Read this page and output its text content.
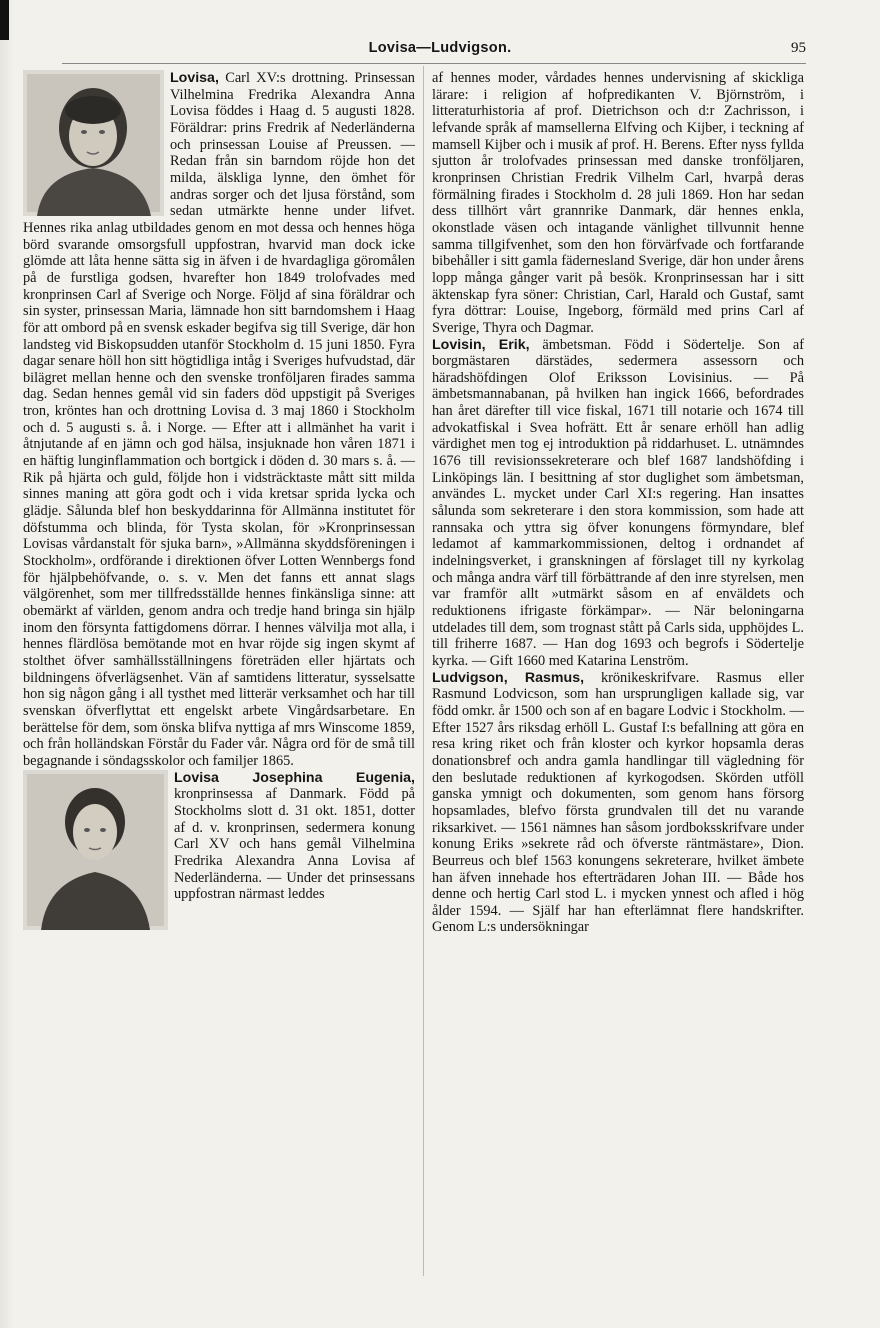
Lovisa—Ludvigson.	95

Lovisa, Carl XV:s drottning. Prinsessan Vilhelmina Fredrika Alexandra Anna Lovisa föddes i Haag d. 5 augusti 1828. Föräldrar: prins Fredrik af Nederländerna och prinsessan Louise af Preussen. — Redan från sin barndom röjde hon det milda, älskliga lynne, den ömhet för andras sorger och det ljusa förstånd, som sedan utmärkte henne under lifvet. Hennes rika anlag utbildades genom en mot dessa och hennes höga börd svarande omsorgsfull uppfostran, hvarvid man dock icke glömde att låta henne sätta sig in äfven i de hvardagliga göromålen på de furstliga godsen, hvarefter hon 1849 trolofvades med kronprinsen Carl af Sverige och Norge. Följd af sina föräldrar och sin syster, prinsessan Maria, lämnade hon sitt barndomshem i Haag för att ombord på en svensk eskader begifva sig till Sverige, där hon landsteg vid Biskopsudden utanför Stockholm d. 15 juni 1850. Fyra dagar senare höll hon sitt högtidliga intåg i Sveriges hufvudstad, där bilägret mellan henne och den svenske tronföljaren firades samma dag. Sedan hennes gemål vid sin faders död uppstigit på Sveriges tron, kröntes han och drottning Lovisa d. 3 maj 1860 i Stockholm och d. 5 augusti s. å. i Norge. — Efter att i allmänhet ha varit i åtnjutande af en jämn och god hälsa, insjuknade hon våren 1871 i en häftig lunginflammation och bortgick i döden d. 30 mars s. å. — Rik på hjärta och guld, följde hon i vidsträcktaste mått sitt milda sinnes maning att göra godt och i vida kretsar sprida lycka och glädje. Sålunda blef hon beskyddarinna för Allmänna institutet för döfstumma och blinda, för Tysta skolan, för »Kronprinsessan Lovisas vårdanstalt för sjuka barn», »Allmänna skyddsföreningen i Stockholm», ordförande i direktionen öfver Lotten Wennbergs fond för hjälpbehöfvande, o. s. v. Men det fanns ett annat slags välgörenhet, som mer tillfredsställde hennes finkänsliga sinne: att obemärkt af världen, genom andra och tredje hand bringa sin hjälp inom den försynta fattigdomens dörrar. I hennes välvilja mot alla, i hennes flärdlösa bemötande mot en hvar röjde sig ingen skymt af stolthet öfver samhällsställningens företräden eller hjärtats och bildningens öfverlägsenhet. Vän af samtidens litteratur, sysselsatte hon sig någon gång i all tysthet med litterär verksamhet och har till svenskan öfverflyttat ett engelskt arbete Vingårdsarbetare. En berättelse för dem, som önska blifva nyttiga af mrs Winscome 1859, och från holländskan Förstår du Fader vår. Några ord för de små till begagnande i söndagsskolor och familjer 1865.

Lovisa Josephina Eugenia,
kronprinsessa af Danmark. Född på Stockholms slott d. 31 okt. 1851, dotter af d. v. kronprinsen, sedermera konung Carl XV och hans gemål Vilhelmina Fredrika Alexandra Anna Lovisa af Nederländerna. — Under det prinsessans uppfostran närmast leddes

af hennes moder, vårdades hennes undervisning af skickliga lärare: i religion af hofpredikanten V. Björnström, i litteraturhistoria af prof. Dietrichson och d:r Zachrisson, i lefvande språk af mamsellerna Elfving och Kijber, i teckning af mamsell Kijber och i musik af prof. H. Berens. Efter nyss fyllda sjutton år trolofvades prinsessan med danske tronföljaren, kronprinsen Christian Fredrik Vilhelm Carl, hvarpå deras förmälning firades i Stockholm d. 28 juli 1869. Hon har sedan dess tillhört vårt grannrike Danmark, där hennes enkla, okonstlade väsen och intagande vänlighet tillvunnit henne samma tillgifvenhet, som den hon förvärfvade och fortfarande bibehåller i sitt gamla fädernesland Sverige, där hon under årens lopp många gånger varit på besök. Kronprinsessan har i sitt äktenskap fyra söner: Christian, Carl, Harald och Gustaf, samt fyra döttrar: Louise, Ingeborg, förmäld med prins Carl af Sverige, Thyra och Dagmar.

Lovisin, Erik, ämbetsman. Född i Södertelje. Son af borgmästaren därstädes, sedermera assessorn och häradshöfdingen Olof Eriksson Lovisinius. — På ämbetsmannabanan, på hvilken han ingick 1666, befordrades han året därefter till vice fiskal, 1671 till notarie och 1674 till advokatfiskal i Svea hofrätt. Ett år senare erhöll han adlig värdighet men tog ej introduktion på riddarhuset. L. utnämndes 1676 till revisionssekreterare och blef 1687 landshöfding i Linköpings län. I besittning af stor duglighet som ämbetsman, användes L. mycket under Carl XI:s regering. Han insattes sålunda som sekreterare i den stora kommission, som hade att rannsaka och yttra sig öfver konungens förmyndare, blef ledamot af kammarkommissionen, deltog i ordnandet af indelningsverket, i granskningen af förslaget till ny kyrkolag och många andra värf till förbättrande af den inre styrelsen, men var framför allt »utmärkt såsom en af enväldets och reduktionens ifrigaste förkämpar». — När beloningarna utdelades till dem, som trognast stått på Carls sida, upphöjdes L. till friherre 1687. — Han dog 1693 och begrofs i Södertelje kyrka. — Gift 1660 med Katarina Lenström.

Ludvigson, Rasmus, krönikeskrifvare. Rasmus eller Rasmund Lodvicson, som han ursprungligen kallade sig, var född omkr. år 1500 och son af en bagare Lodvic i Stockholm. — Efter 1527 års riksdag erhöll L. Gustaf I:s befallning att göra en resa kring riket och från kloster och kyrkor hopsamla deras donationsbref och andra gamla handlingar till vägledning för den beslutade reduktionen af kyrkogodsen. Skörden utföll ganska ymnigt och dokumenten, som genom hans försorg hopsamlades, blefvo första grundvalen till det nu varande riksarkivet. — 1561 nämnes han såsom jordboksskrifvare under konung Eriks »sekrete råd och öfverste räntmästare», Dion. Beurreus och blef 1563 konungens sekreterare, hvilket ämbete han äfven innehade hos efterträdaren Johan III. — Både hos denne och hertig Carl stod L. i mycken ynnest och afled i hög ålder 1594. — Själf har han efterlämnat flere handskrifter. Genom L:s undersökningar
